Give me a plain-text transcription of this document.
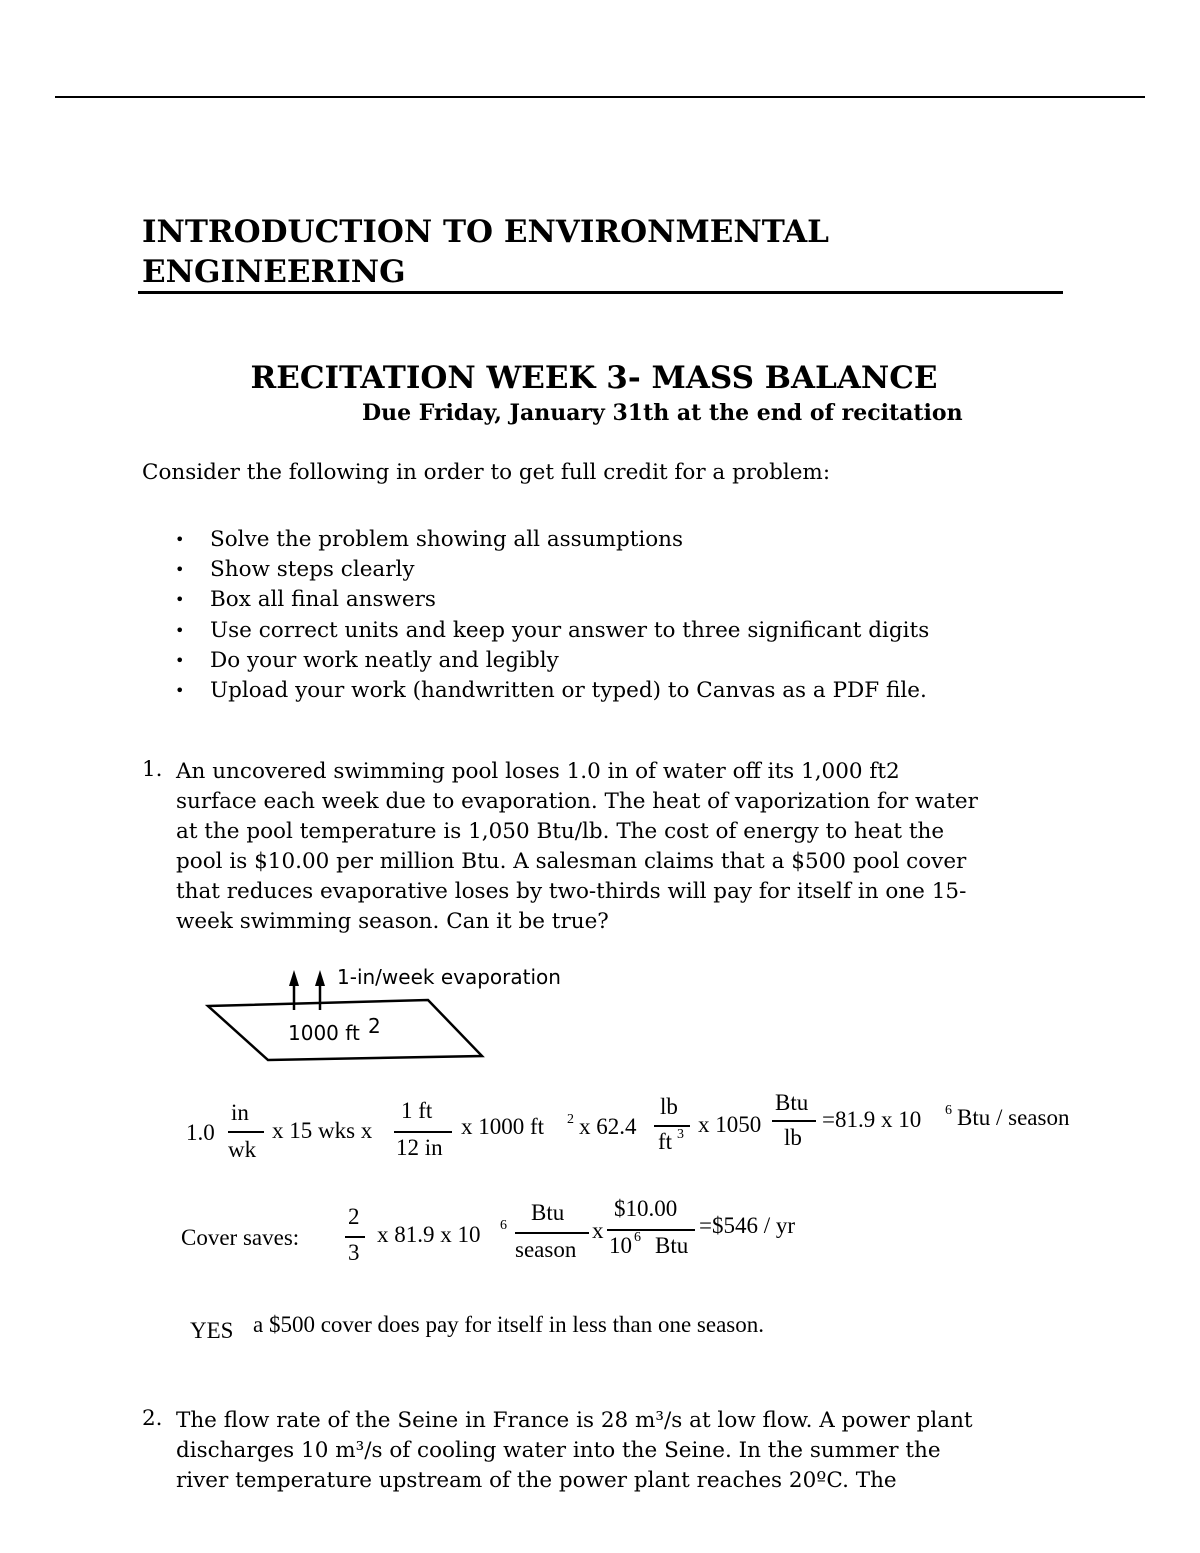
INTRODUCTION TO ENVIRONMENTAL
ENGINEERING
RECITATION WEEK 3- MASS BALANCE
Due Friday, January 31th at the end of recitation
Consider the following in order to get full credit for a problem:
• Solve the problem showing all assumptions
• Show steps clearly
• Box all final answers
• Use correct units and keep your answer to three significant digits
• Do your work neatly and legibly
• Upload your work (handwritten or typed) to Canvas as a PDF file.
1. An uncovered swimming pool loses 1.0 in of water off its 1,000 ft2
surface each week due to evaporation. The heat of vaporization for water
at the pool temperature is 1,050 Btu/lb. The cost of energy to heat the
pool is $10.00 per million Btu. A salesman claims that a $500 pool cover
that reduces evaporative loses by two-thirds will pay for itself in one 15-
week swimming season. Can it be true?
1-in/week evaporation
1000 ft 2
1.0
in
wk
x 15 wks x
1 ft
12 in
x 1000 ft 2 x 62.4
lb
ft 3 x 1050
Btu
lb
=81.9 x 10 6 Btu / season
Cover saves:
2
3
x 81.9 x 10 6
Btu
season
x
$10.00
10 6 Btu
=$546 / yr
YES a $500 cover does pay for itself in less than one season.
2. The flow rate of the Seine in France is 28 m³/s at low flow. A power plant
discharges 10 m³/s of cooling water into the Seine. In the summer the
river temperature upstream of the power plant reaches 20ºC. The
